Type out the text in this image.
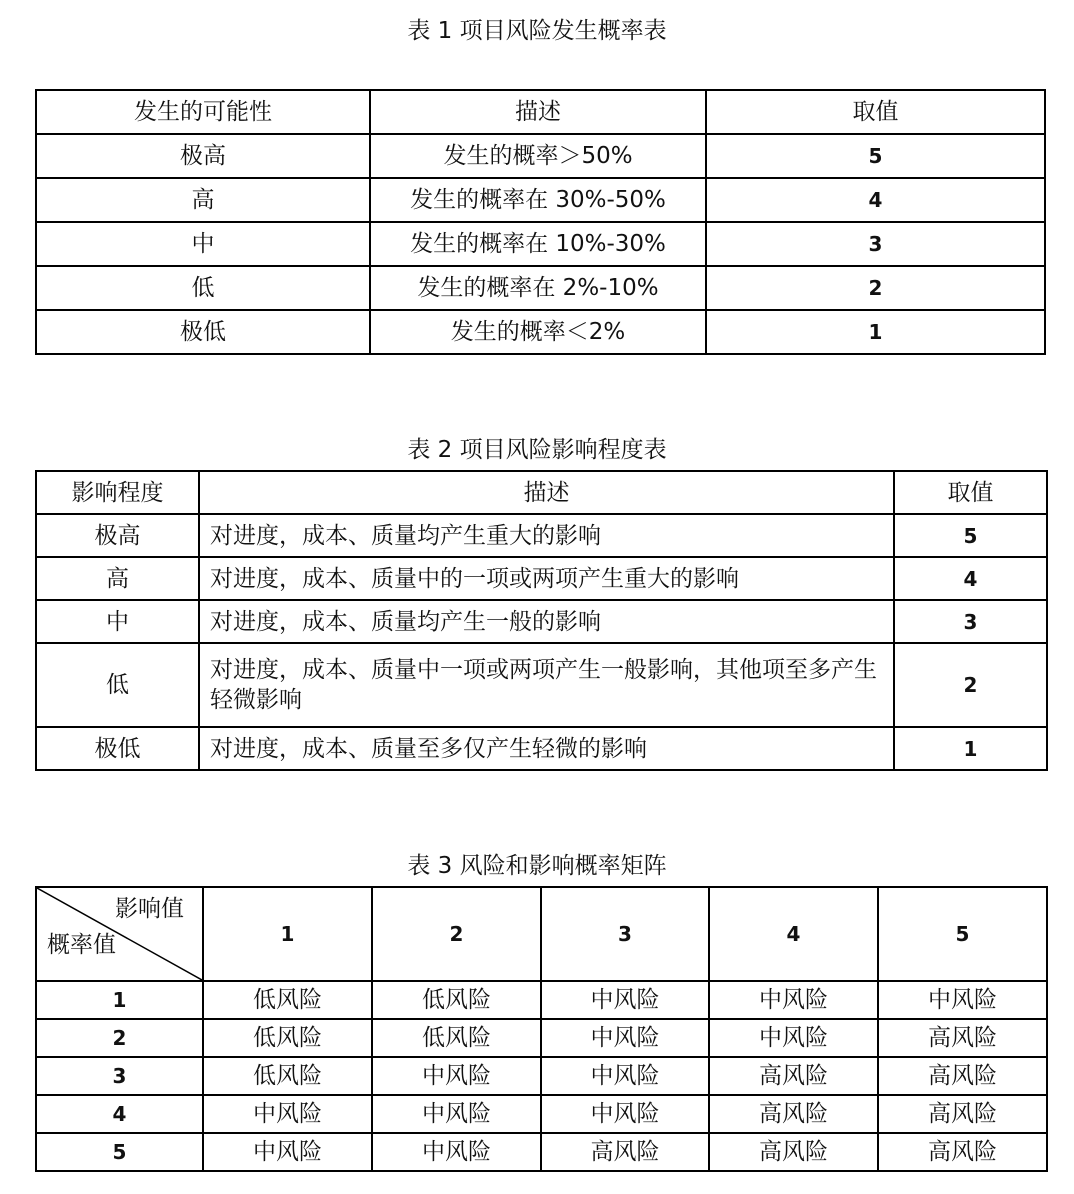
表 1 项目风险发生概率表
发生的可能性	描述	取值
极高	发生的概率＞50%	5
高	发生的概率在 30%-50%	4
中	发生的概率在 10%-30%	3
低	发生的概率在 2%-10%	2
极低	发生的概率＜2%	1
表 2 项目风险影响程度表
影响程度	描述	取值
极高	对进度，成本、质量均产生重大的影响	5
高	对进度，成本、质量中的一项或两项产生重大的影响	4
中	对进度，成本、质量均产生一般的影响	3
低	对进度，成本、质量中一项或两项产生一般影响，其他项至多产生轻微影响	2
极低	对进度，成本、质量至多仅产生轻微的影响	1
表 3 风险和影响概率矩阵
影响值
概率值	1	2	3	4	5
1	低风险	低风险	中风险	中风险	中风险
2	低风险	低风险	中风险	中风险	高风险
3	低风险	中风险	中风险	高风险	高风险
4	中风险	中风险	中风险	高风险	高风险
5	中风险	中风险	高风险	高风险	高风险
